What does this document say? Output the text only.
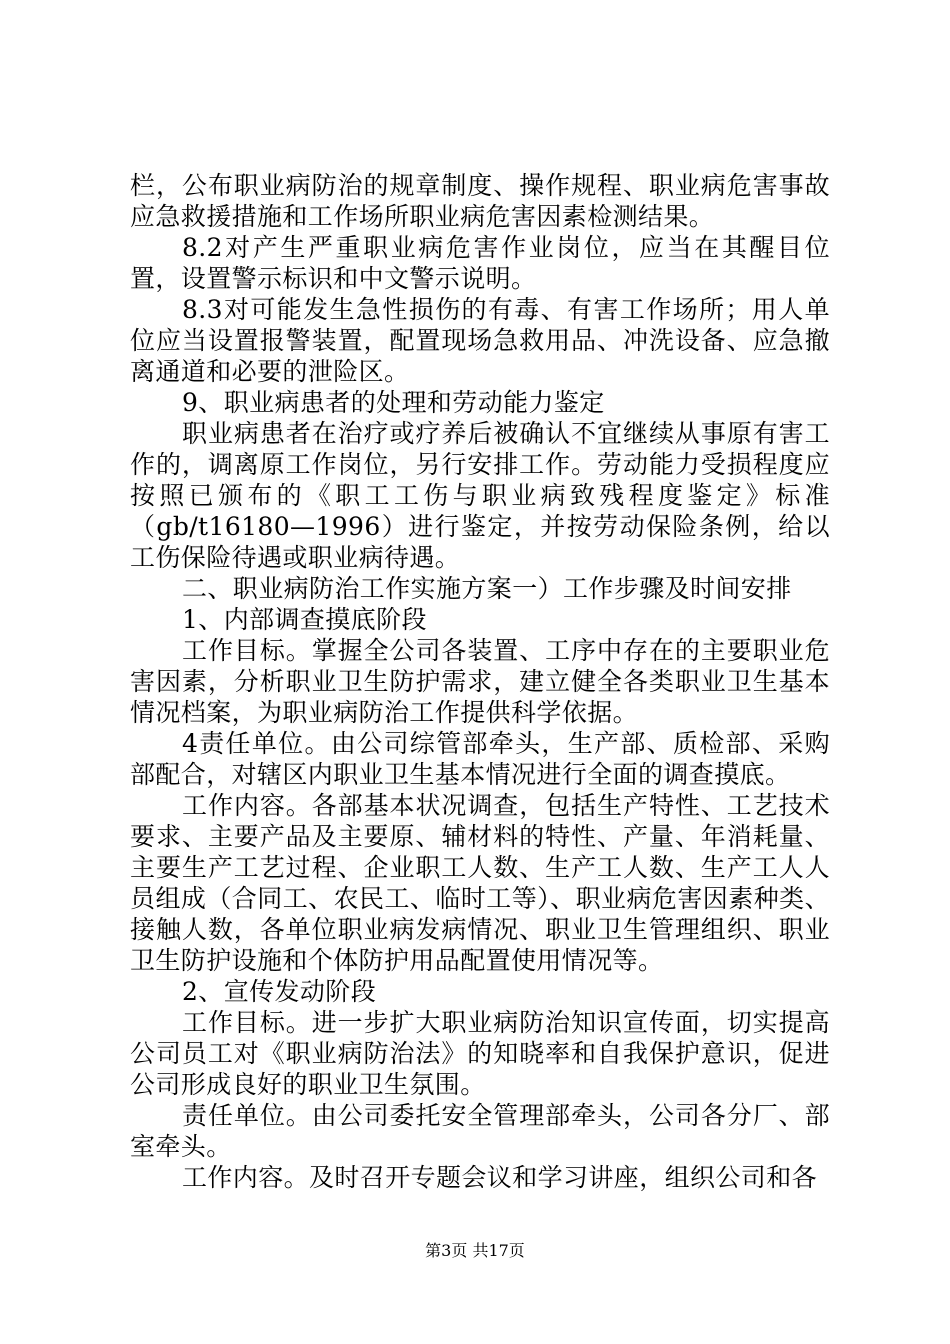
栏，公布职业病防治的规章制度、操作规程、职业病危害事故应急救援措施和工作场所职业病危害因素检测结果。

8.2对产生严重职业病危害作业岗位，应当在其醒目位置，设置警示标识和中文警示说明。

8.3对可能发生急性损伤的有毒、有害工作场所；用人单位应当设置报警装置，配置现场急救用品、冲洗设备、应急撤离通道和必要的泄险区。

9、职业病患者的处理和劳动能力鉴定

职业病患者在治疗或疗养后被确认不宜继续从事原有害工作的，调离原工作岗位，另行安排工作。劳动能力受损程度应按照已颁布的《职工工伤与职业病致残程度鉴定》标准（gb/t16180—1996）进行鉴定，并按劳动保险条例，给以工伤保险待遇或职业病待遇。

二、职业病防治工作实施方案一）工作步骤及时间安排

1、内部调查摸底阶段

工作目标。掌握全公司各装置、工序中存在的主要职业危害因素，分析职业卫生防护需求，建立健全各类职业卫生基本情况档案，为职业病防治工作提供科学依据。

4责任单位。由公司综管部牵头，生产部、质检部、采购部配合，对辖区内职业卫生基本情况进行全面的调查摸底。

工作内容。各部基本状况调查，包括生产特性、工艺技术要求、主要产品及主要原、辅材料的特性、产量、年消耗量、主要生产工艺过程、企业职工人数、生产工人数、生产工人人员组成（合同工、农民工、临时工等）、职业病危害因素种类、接触人数，各单位职业病发病情况、职业卫生管理组织、职业卫生防护设施和个体防护用品配置使用情况等。

2、宣传发动阶段

工作目标。进一步扩大职业病防治知识宣传面，切实提高公司员工对《职业病防治法》的知晓率和自我保护意识，促进公司形成良好的职业卫生氛围。

责任单位。由公司委托安全管理部牵头，公司各分厂、部室牵头。

工作内容。及时召开专题会议和学习讲座，组织公司和各

第3页 共17页
